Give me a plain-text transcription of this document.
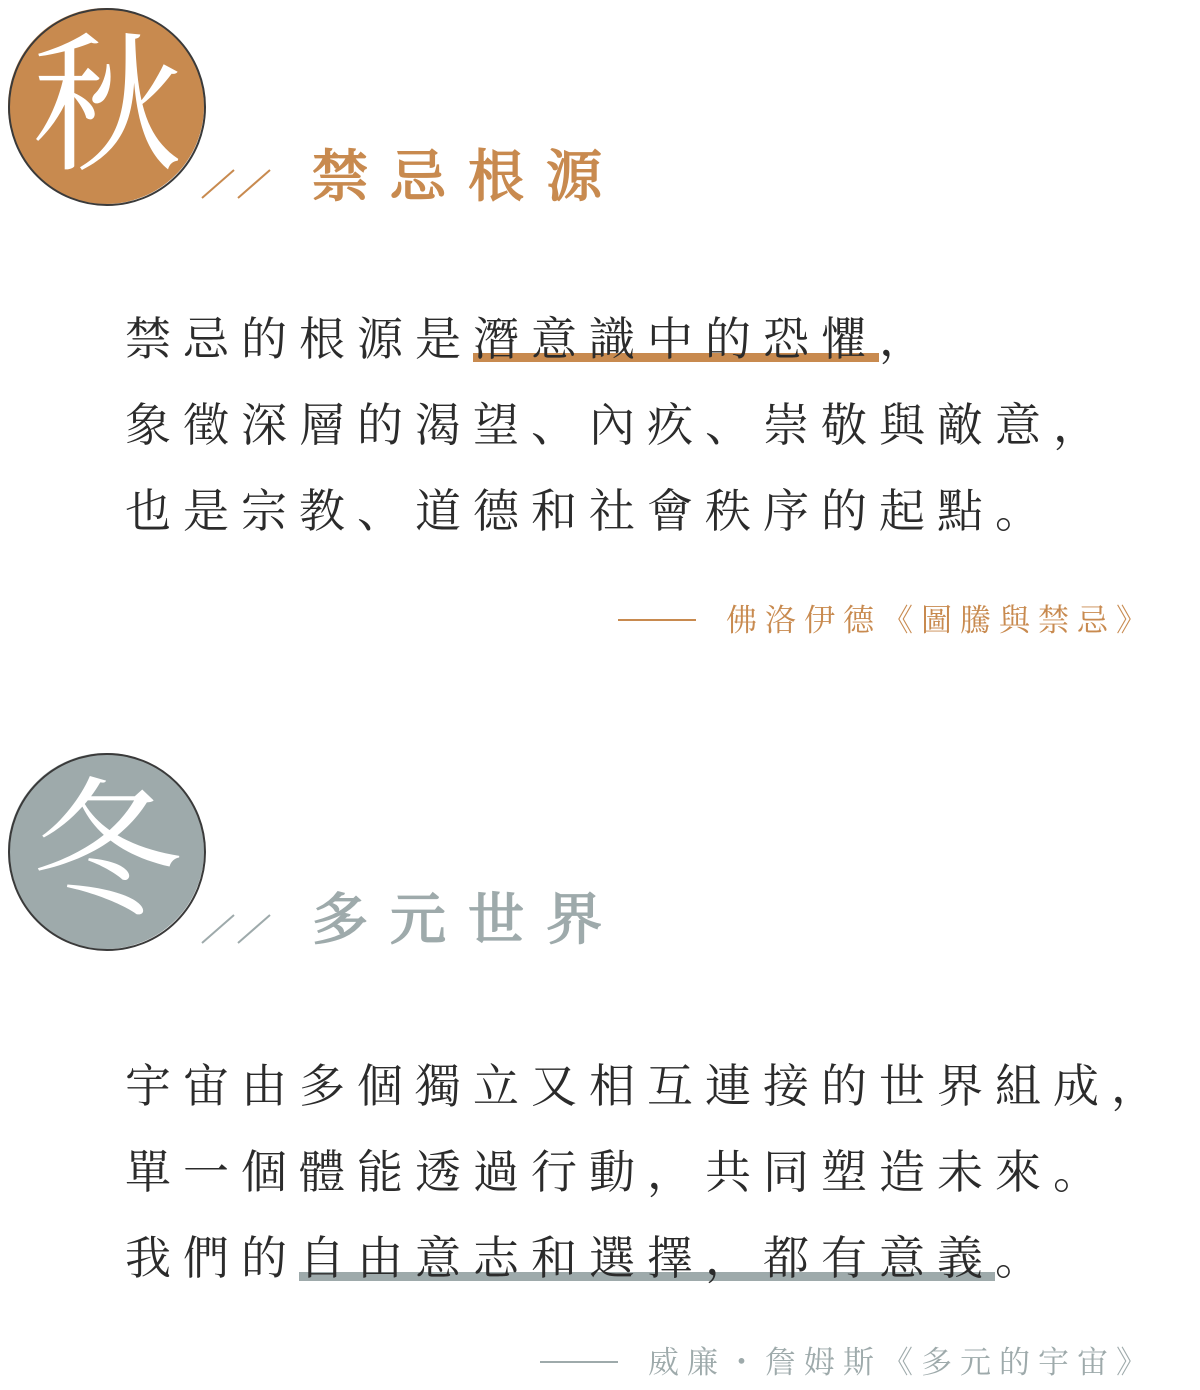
秋	禁忌根源
禁忌的根源是潛意識中的恐懼，
象徵深層的渴望、內疚、崇敬與敵意，
也是宗教、道德和社會秩序的起點。
佛洛伊德《圖騰與禁忌》
冬	多元世界
宇宙由多個獨立又相互連接的世界組成，
單一個體能透過行動，共同塑造未來。
我們的自由意志和選擇，都有意義。
威廉・詹姆斯《多元的宇宙》
